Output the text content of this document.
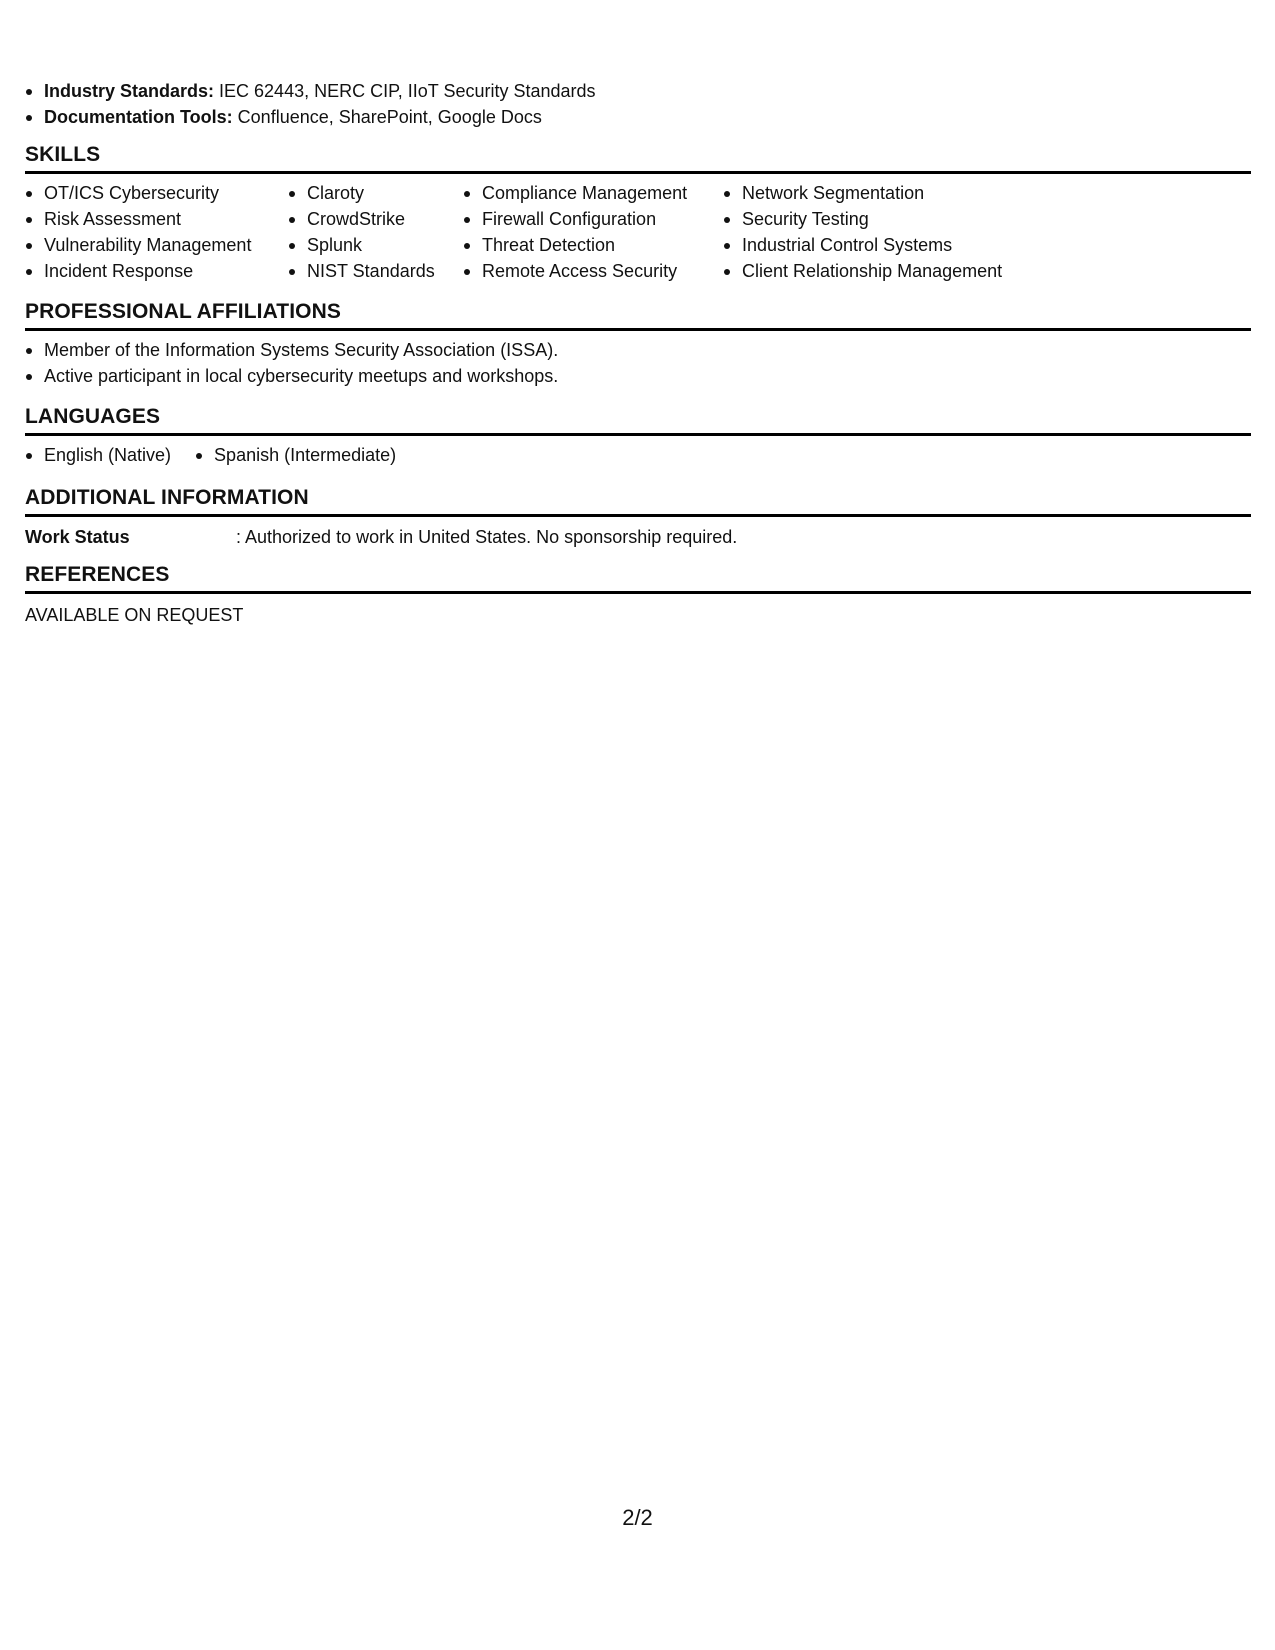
Industry Standards: IEC 62443, NERC CIP, IIoT Security Standards
Documentation Tools: Confluence, SharePoint, Google Docs
SKILLS
OT/ICS Cybersecurity
Risk Assessment
Vulnerability Management
Incident Response
Claroty
CrowdStrike
Splunk
NIST Standards
Compliance Management
Firewall Configuration
Threat Detection
Remote Access Security
Network Segmentation
Security Testing
Industrial Control Systems
Client Relationship Management
PROFESSIONAL AFFILIATIONS
Member of the Information Systems Security Association (ISSA).
Active participant in local cybersecurity meetups and workshops.
LANGUAGES
English (Native)	Spanish (Intermediate)
ADDITIONAL INFORMATION
Work Status	: Authorized to work in United States. No sponsorship required.
REFERENCES
AVAILABLE ON REQUEST
2/2
